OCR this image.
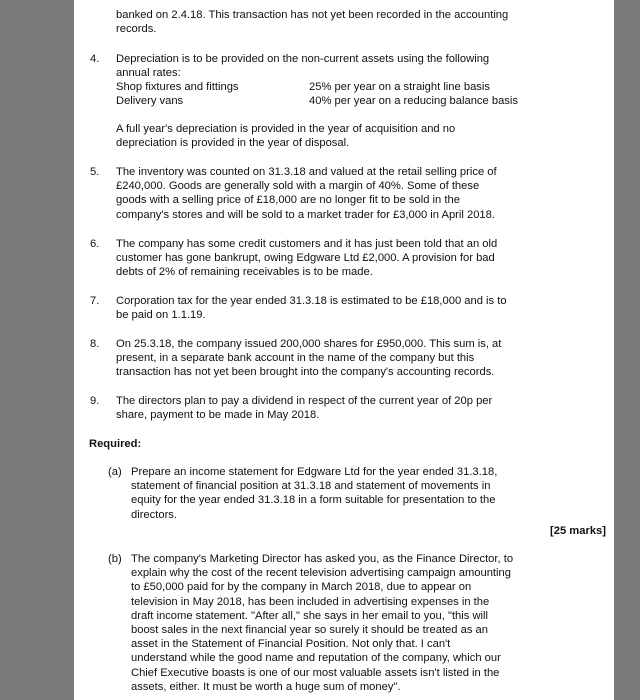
banked on 2.4.18. This transaction has not yet been recorded in the accounting
records.
4. Depreciation is to be provided on the non-current assets using the following
annual rates:
Shop fixtures and fittings	25% per year on a straight line basis
Delivery vans	40% per year on a reducing balance basis
A full year's depreciation is provided in the year of acquisition and no
depreciation is provided in the year of disposal.
5. The inventory was counted on 31.3.18 and valued at the retail selling price of
£240,000. Goods are generally sold with a margin of 40%. Some of these
goods with a selling price of £18,000 are no longer fit to be sold in the
company's stores and will be sold to a market trader for £3,000 in April 2018.
6. The company has some credit customers and it has just been told that an old
customer has gone bankrupt, owing Edgware Ltd £2,000. A provision for bad
debts of 2% of remaining receivables is to be made.
7. Corporation tax for the year ended 31.3.18 is estimated to be £18,000 and is to
be paid on 1.1.19.
8. On 25.3.18, the company issued 200,000 shares for £950,000. This sum is, at
present, in a separate bank account in the name of the company but this
transaction has not yet been brought into the company's accounting records.
9. The directors plan to pay a dividend in respect of the current year of 20p per
share, payment to be made in May 2018.
Required:
(a) Prepare an income statement for Edgware Ltd for the year ended 31.3.18,
statement of financial position at 31.3.18 and statement of movements in
equity for the year ended 31.3.18 in a form suitable for presentation to the
directors.
[25 marks]
(b) The company's Marketing Director has asked you, as the Finance Director, to
explain why the cost of the recent television advertising campaign amounting
to £50,000 paid for by the company in March 2018, due to appear on
television in May 2018, has been included in advertising expenses in the
draft income statement. "After all," she says in her email to you, "this will
boost sales in the next financial year so surely it should be treated as an
asset in the Statement of Financial Position. Not only that. I can't
understand while the good name and reputation of the company, which our
Chief Executive boasts is one of our most valuable assets isn't listed in the
assets, either. It must be worth a huge sum of money".
